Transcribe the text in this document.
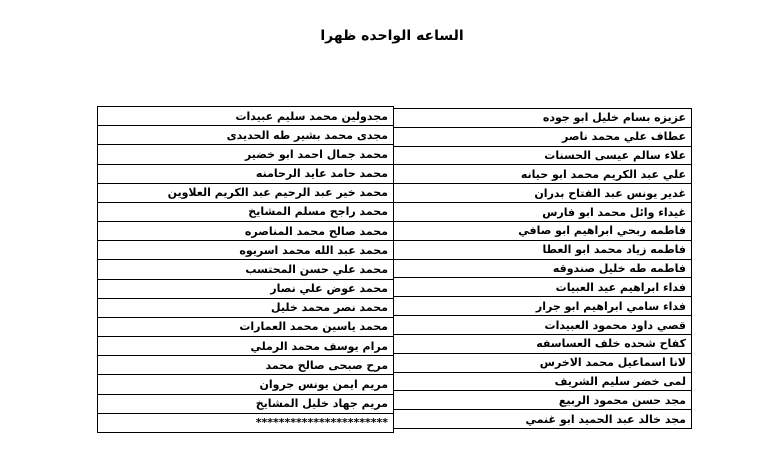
الساعه الواحده ظهرا
عزيزه بسام خليل ابو جوده
عطاف علي محمد ناصر
علاء سالم عيسى الحسنات
علي عبد الكريم محمد ابو حيانه
غدير يونس عبد الفتاح بدران
غيداء وائل محمد ابو فارس
فاطمه ربحي ابراهيم ابو صافي
فاطمه زياد محمد ابو العطا
فاطمه طه خليل صندوقه
فداء ابراهيم عيد العبيات
فداء سامي ابراهيم ابو جرار
قصي داود محمود العبيدات
كفاح شحده خلف العساسفه
لانا اسماعيل محمد الاخرس
لمى خضر سليم الشريف
مجد حسن محمود الربيع
مجد خالد عبد الحميد ابو غنمي
مجدولين محمد سليم عبيدات
مجدى محمد بشير طه الحديدى
محمد جمال احمد ابو خضير
محمد حامد عايد الرحامنه
محمد خير عبد الرحيم عبد الكريم العلاوين
محمد راجح مسلم المشايخ
محمد صالح محمد المناصره
محمد عبد الله محمد اسريوه
محمد علي حسن المحتسب
محمد عوض علي نصار
محمد نصر محمد خليل
محمد ياسين محمد العمارات
مرام يوسف محمد الرملي
مرح صبحى صالح محمد
مريم ايمن يونس جروان
مريم جهاد خليل المشايخ
***********************
